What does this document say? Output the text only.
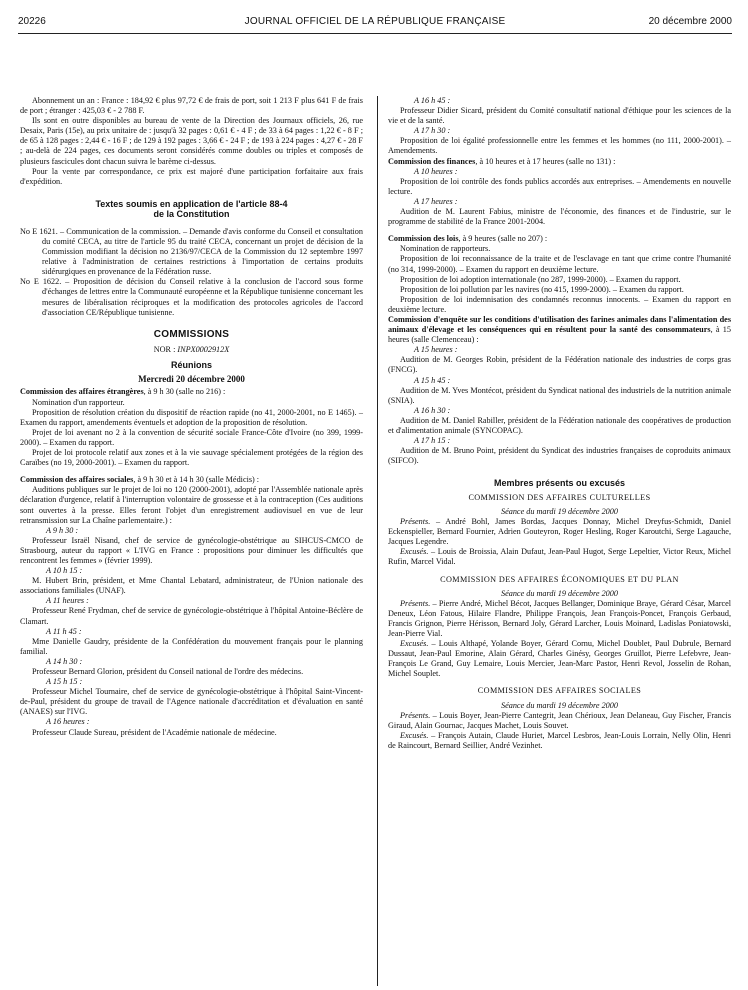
20226	JOURNAL OFFICIEL DE LA RÉPUBLIQUE FRANÇAISE	20 décembre 2000

Abonnement un an : France : 184,92 € plus 97,72 € de frais de port, soit 1 213 F plus 641 F de frais de port ; étranger : 425,03 € - 2 788 F.

Ils sont en outre disponibles au bureau de vente de la Direction des Journaux officiels, 26, rue Desaix, Paris (15e), au prix unitaire de : jusqu'à 32 pages : 0,61 € - 4 F ; de 33 à 64 pages : 1,22 € - 8 F ; de 65 à 128 pages : 2,44 € - 16 F ; de 129 à 192 pages : 3,66 € - 24 F ; de 193 à 224 pages : 4,27 € - 28 F ; au-delà de 224 pages, ces documents seront considérés comme doubles ou triples et composés de plusieurs fascicules dont chacun suivra le barème ci-dessus.

Pour la vente par correspondance, ce prix est majoré d'une participation forfaitaire aux frais d'expédition.

Textes soumis en application de l'article 88-4

de la Constitution

No E 1621. – Communication de la commission. – Demande d'avis conforme du Conseil et consultation du comité CECA, au titre de l'article 95 du traité CECA, concernant un projet de décision de la Commission modifiant la décision no 2136/97/CECA de la Commission du 12 septembre 1997 relative à l'administration de certaines restrictions à l'importation de certains produits sidérurgiques en provenance de la Fédération russe.

No E 1622. – Proposition de décision du Conseil relative à la conclusion de l'accord sous forme d'échanges de lettres entre la Communauté européenne et la République tunisienne concernant les mesures de libéralisation réciproques et la modification des protocoles agricoles de l'accord d'association CE/République tunisienne.

COMMISSIONS

NOR : INPX0002912X

Réunions

Mercredi 20 décembre 2000

Commission des affaires étrangères, à 9 h 30 (salle no 216) :

Nomination d'un rapporteur.

Proposition de résolution création du dispositif de réaction rapide (no 41, 2000-2001, no E 1465). – Examen du rapport, amendements éventuels et adoption de la proposition de résolution.

Projet de loi avenant no 2 à la convention de sécurité sociale France-Côte d'Ivoire (no 399, 1999-2000). – Examen du rapport.

Projet de loi protocole relatif aux zones et à la vie sauvage spécialement protégées de la région des Caraïbes (no 19, 2000-2001). – Examen du rapport.

Commission des affaires sociales, à 9 h 30 et à 14 h 30 (salle Médicis) :

Auditions publiques sur le projet de loi no 120 (2000-2001), adopté par l'Assemblée nationale après déclaration d'urgence, relatif à l'interruption volontaire de grossesse et à la contraception (Ces auditions sont ouvertes à la presse. Elles feront l'objet d'un enregistrement audiovisuel en vue de leur retransmission sur La Chaîne parlementaire.) :

A 9 h 30 :

Professeur Israël Nisand, chef de service de gynécologie-obstétrique au SIHCUS-CMCO de Strasbourg, auteur du rapport « L'IVG en France : propositions pour diminuer les difficultés que rencontrent les femmes » (février 1999).

A 10 h 15 :

M. Hubert Brin, président, et Mme Chantal Lebatard, administrateur, de l'Union nationale des associations familiales (UNAF).

A 11 heures :

Professeur René Frydman, chef de service de gynécologie-obstétrique à l'hôpital Antoine-Béclère de Clamart.

A 11 h 45 :

Mme Danielle Gaudry, présidente de la Confédération du mouvement français pour le planning familial.

A 14 h 30 :

Professeur Bernard Glorion, président du Conseil national de l'ordre des médecins.

A 15 h 15 :

Professeur Michel Tournaire, chef de service de gynécologie-obstétrique à l'hôpital Saint-Vincent-de-Paul, président du groupe de travail de l'Agence nationale d'accréditation et d'évaluation en santé (ANAES) sur l'IVG.

A 16 heures :

Professeur Claude Sureau, président de l'Académie nationale de médecine.

A 16 h 45 :

Professeur Didier Sicard, président du Comité consultatif national d'éthique pour les sciences de la vie et de la santé.

A 17 h 30 :

Proposition de loi égalité professionnelle entre les femmes et les hommes (no 111, 2000-2001). – Amendements.

Commission des finances, à 10 heures et à 17 heures (salle no 131) :

A 10 heures :

Proposition de loi contrôle des fonds publics accordés aux entreprises. – Amendements en nouvelle lecture.

A 17 heures :

Audition de M. Laurent Fabius, ministre de l'économie, des finances et de l'industrie, sur le programme de stabilité de la France 2001-2004.

Commission des lois, à 9 heures (salle no 207) :

Nomination de rapporteurs.

Proposition de loi reconnaissance de la traite et de l'esclavage en tant que crime contre l'humanité (no 314, 1999-2000). – Examen du rapport en deuxième lecture.

Proposition de loi adoption internationale (no 287, 1999-2000). – Examen du rapport.

Proposition de loi pollution par les navires (no 415, 1999-2000). – Examen du rapport.

Proposition de loi indemnisation des condamnés reconnus innocents. – Examen du rapport en deuxième lecture.

Commission d'enquête sur les conditions d'utilisation des farines animales dans l'alimentation des animaux d'élevage et les conséquences qui en résultent pour la santé des consommateurs, à 15 heures (salle Clemenceau) :

A 15 heures :

Audition de M. Georges Robin, président de la Fédération nationale des industries de corps gras (FNCG).

A 15 h 45 :

Audition de M. Yves Montécot, président du Syndicat national des industriels de la nutrition animale (SNIA).

A 16 h 30 :

Audition de M. Daniel Rabiller, président de la Fédération nationale des coopératives de production et d'alimentation animale (SYNCOPAC).

A 17 h 15 :

Audition de M. Bruno Point, président du Syndicat des industries françaises de coproduits animaux (SIFCO).

Membres présents ou excusés

COMMISSION DES AFFAIRES CULTURELLES

Séance du mardi 19 décembre 2000

Présents. – André Bohl, James Bordas, Jacques Donnay, Michel Dreyfus-Schmidt, Daniel Eckenspieller, Bernard Fournier, Adrien Gouteyron, Roger Hesling, Roger Karoutchi, Serge Lagauche, Jacques Legendre.

Excusés. – Louis de Broissia, Alain Dufaut, Jean-Paul Hugot, Serge Lepeltier, Victor Reux, Michel Rufin, Marcel Vidal.

COMMISSION DES AFFAIRES ÉCONOMIQUES ET DU PLAN

Séance du mardi 19 décembre 2000

Présents. – Pierre André, Michel Bécot, Jacques Bellanger, Dominique Braye, Gérard César, Marcel Deneux, Léon Fatous, Hilaire Flandre, Philippe François, Jean François-Poncet, François Gerbaud, Francis Grignon, Pierre Hérisson, Bernard Joly, Gérard Larcher, Louis Moinard, Ladislas Poniatowski, Jean-Pierre Vial.

Excusés. – Louis Althapé, Yolande Boyer, Gérard Cornu, Michel Doublet, Paul Dubrule, Bernard Dussaut, Jean-Paul Emorine, Alain Gérard, Charles Ginésy, Georges Gruillot, Pierre Lefebvre, Jean-François Le Grand, Guy Lemaire, Louis Mercier, Jean-Marc Pastor, Henri Revol, Josselin de Rohan, Michel Souplet.

COMMISSION DES AFFAIRES SOCIALES

Séance du mardi 19 décembre 2000

Présents. – Louis Boyer, Jean-Pierre Cantegrit, Jean Chérioux, Jean Delaneau, Guy Fischer, Francis Giraud, Alain Gournac, Jacques Machet, Louis Souvet.

Excusés. – François Autain, Claude Huriet, Marcel Lesbros, Jean-Louis Lorrain, Nelly Olin, Henri de Raincourt, Bernard Seillier, André Vezinhet.
